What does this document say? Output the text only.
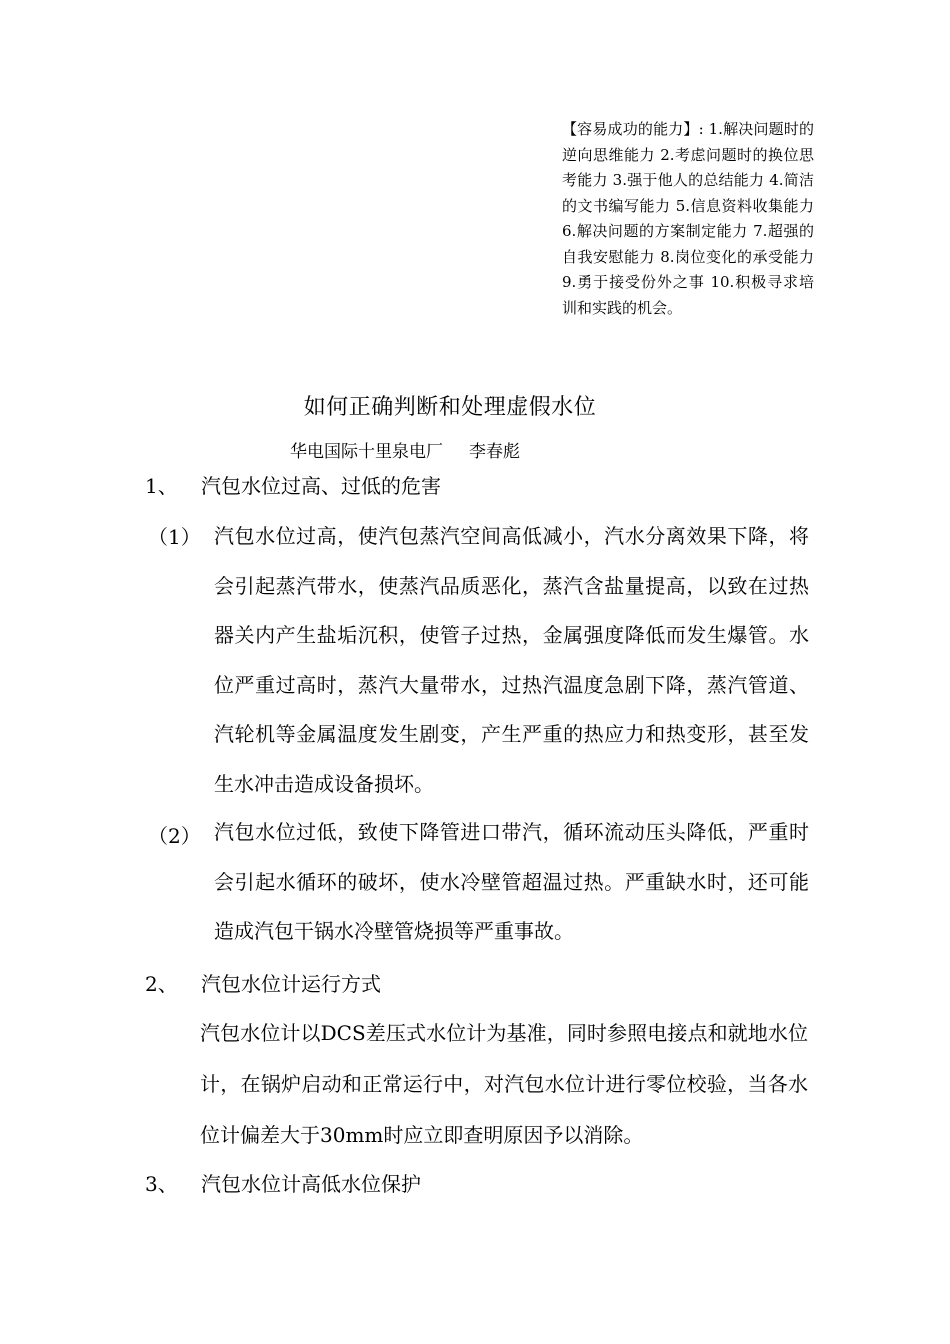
【容易成功的能力】: 1.解决问题时的逆向思维能力 2.考虑问题时的换位思考能力 3.强于他人的总结能力 4.简洁的文书编写能力 5.信息资料收集能力 6.解决问题的方案制定能力 7.超强的自我安慰能力 8.岗位变化的承受能力 9.勇于接受份外之事 10.积极寻求培训和实践的机会。
如何正确判断和处理虚假水位
华电国际十里泉电厂 李春彪
1、 汽包水位过高、过低的危害
（1） 汽包水位过高，使汽包蒸汽空间高低减小，汽水分离效果下降，将会引起蒸汽带水，使蒸汽品质恶化，蒸汽含盐量提高，以致在过热器关内产生盐垢沉积，使管子过热，金属强度降低而发生爆管。水位严重过高时，蒸汽大量带水，过热汽温度急剧下降，蒸汽管道、汽轮机等金属温度发生剧变，产生严重的热应力和热变形，甚至发生水冲击造成设备损坏。
（2） 汽包水位过低，致使下降管进口带汽，循环流动压头降低，严重时会引起水循环的破坏，使水冷壁管超温过热。严重缺水时，还可能造成汽包干锅水冷壁管烧损等严重事故。
2、 汽包水位计运行方式
汽包水位计以DCS差压式水位计为基准，同时参照电接点和就地水位计，在锅炉启动和正常运行中，对汽包水位计进行零位校验，当各水位计偏差大于30mm时应立即查明原因予以消除。
3、 汽包水位计高低水位保护
